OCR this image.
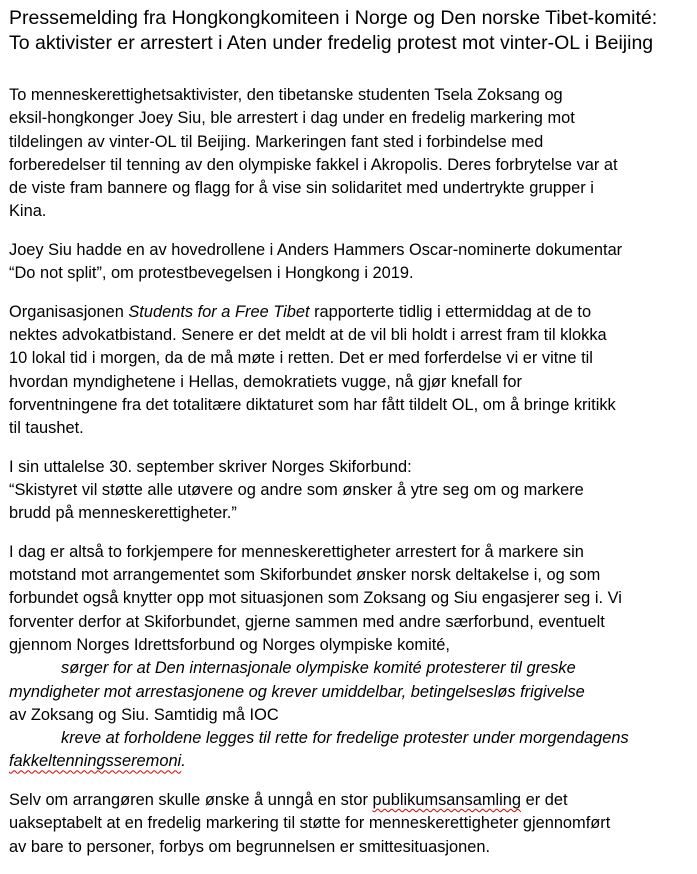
Pressemelding fra Hongkongkomiteen i Norge og Den norske Tibet-komité:
To aktivister er arrestert i Aten under fredelig protest mot vinter-OL i Beijing
To menneskerettighetsaktivister, den tibetanske studenten Tsela Zoksang og
eksil-hongkonger Joey Siu, ble arrestert i dag under en fredelig markering mot
tildelingen av vinter-OL til Beijing. Markeringen fant sted i forbindelse med
forberedelser til tenning av den olympiske fakkel i Akropolis. Deres forbrytelse var at
de viste fram bannere og flagg for å vise sin solidaritet med undertrykte grupper i
Kina.
Joey Siu hadde en av hovedrollene i Anders Hammers Oscar-nominerte dokumentar
“Do not split”, om protestbevegelsen i Hongkong i 2019.
Organisasjonen Students for a Free Tibet rapporterte tidlig i ettermiddag at de to
nektes advokatbistand. Senere er det meldt at de vil bli holdt i arrest fram til klokka
10 lokal tid i morgen, da de må møte i retten. Det er med forferdelse vi er vitne til
hvordan myndighetene i Hellas, demokratiets vugge, nå gjør knefall for
forventningene fra det totalitære diktaturet som har fått tildelt OL, om å bringe kritikk
til taushet.
I sin uttalelse 30. september skriver Norges Skiforbund:
“Skistyret vil støtte alle utøvere og andre som ønsker å ytre seg om og markere
brudd på menneskerettigheter.”
I dag er altså to forkjempere for menneskerettigheter arrestert for å markere sin
motstand mot arrangementet som Skiforbundet ønsker norsk deltakelse i, og som
forbundet også knytter opp mot situasjonen som Zoksang og Siu engasjerer seg i. Vi
forventer derfor at Skiforbundet, gjerne sammen med andre særforbund, eventuelt
gjennom Norges Idrettsforbund og Norges olympiske komité,
sørger for at Den internasjonale olympiske komité protesterer til greske
myndigheter mot arrestasjonene og krever umiddelbar, betingelsesløs frigivelse
av Zoksang og Siu. Samtidig må IOC
kreve at forholdene legges til rette for fredelige protester under morgendagens
fakkeltenningsseremoni.
Selv om arrangøren skulle ønske å unngå en stor publikumsansamling er det
uakseptabelt at en fredelig markering til støtte for menneskerettigheter gjennomført
av bare to personer, forbys om begrunnelsen er smittesituasjonen.
